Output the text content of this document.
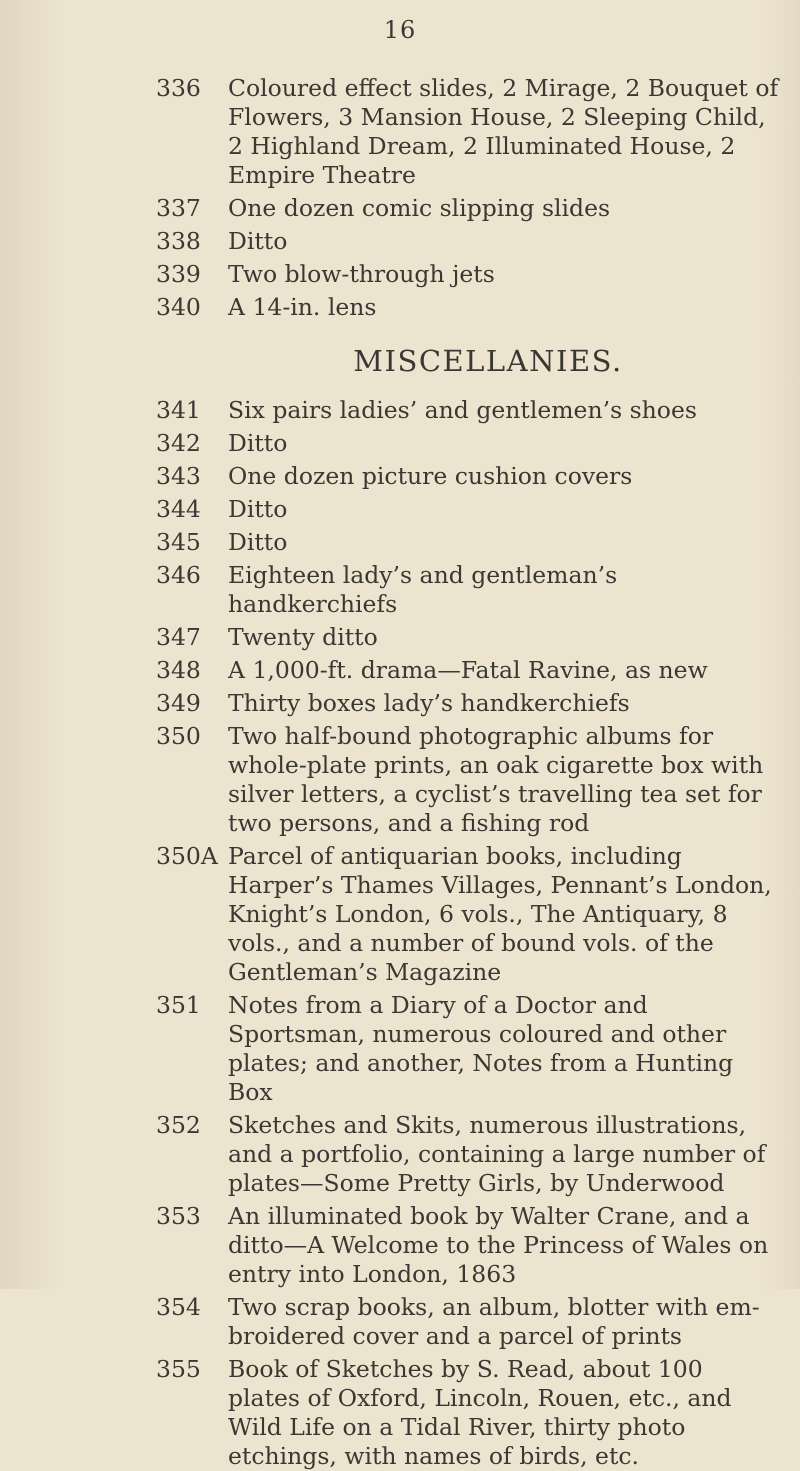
16
336 Coloured effect slides, 2 Mirage, 2 Bouquet of Flowers, 3 Mansion House, 2 Sleeping Child, 2 Highland Dream, 2 Illuminated House, 2 Empire Theatre
337 One dozen comic slipping slides
338 Ditto
339 Two blow-through jets
340 A 14-in. lens
MISCELLANIES.
341 Six pairs ladies’ and gentlemen’s shoes
342 Ditto
343 One dozen picture cushion covers
344 Ditto
345 Ditto
346 Eighteen lady’s and gentleman’s handkerchiefs
347 Twenty ditto
348 A 1,000-ft. drama—Fatal Ravine, as new
349 Thirty boxes lady’s handkerchiefs
350 Two half-bound photographic albums for whole-plate prints, an oak cigarette box with silver letters, a cyclist’s travelling tea set for two persons, and a fishing rod
350A Parcel of antiquarian books, including Harper’s Thames Villages, Pennant’s London, Knight’s London, 6 vols., The Antiquary, 8 vols., and a number of bound vols. of the Gentleman’s Magazine
351 Notes from a Diary of a Doctor and Sportsman, numerous coloured and other plates; and another, Notes from a Hunting Box
352 Sketches and Skits, numerous illustrations, and a portfolio, containing a large number of plates—Some Pretty Girls, by Underwood
353 An illuminated book by Walter Crane, and a ditto—A Welcome to the Princess of Wales on entry into London, 1863
354 Two scrap books, an album, blotter with em-broidered cover and a parcel of prints
355 Book of Sketches by S. Read, about 100 plates of Oxford, Lincoln, Rouen, etc., and Wild Life on a Tidal River, thirty photo etchings, with names of birds, etc.
